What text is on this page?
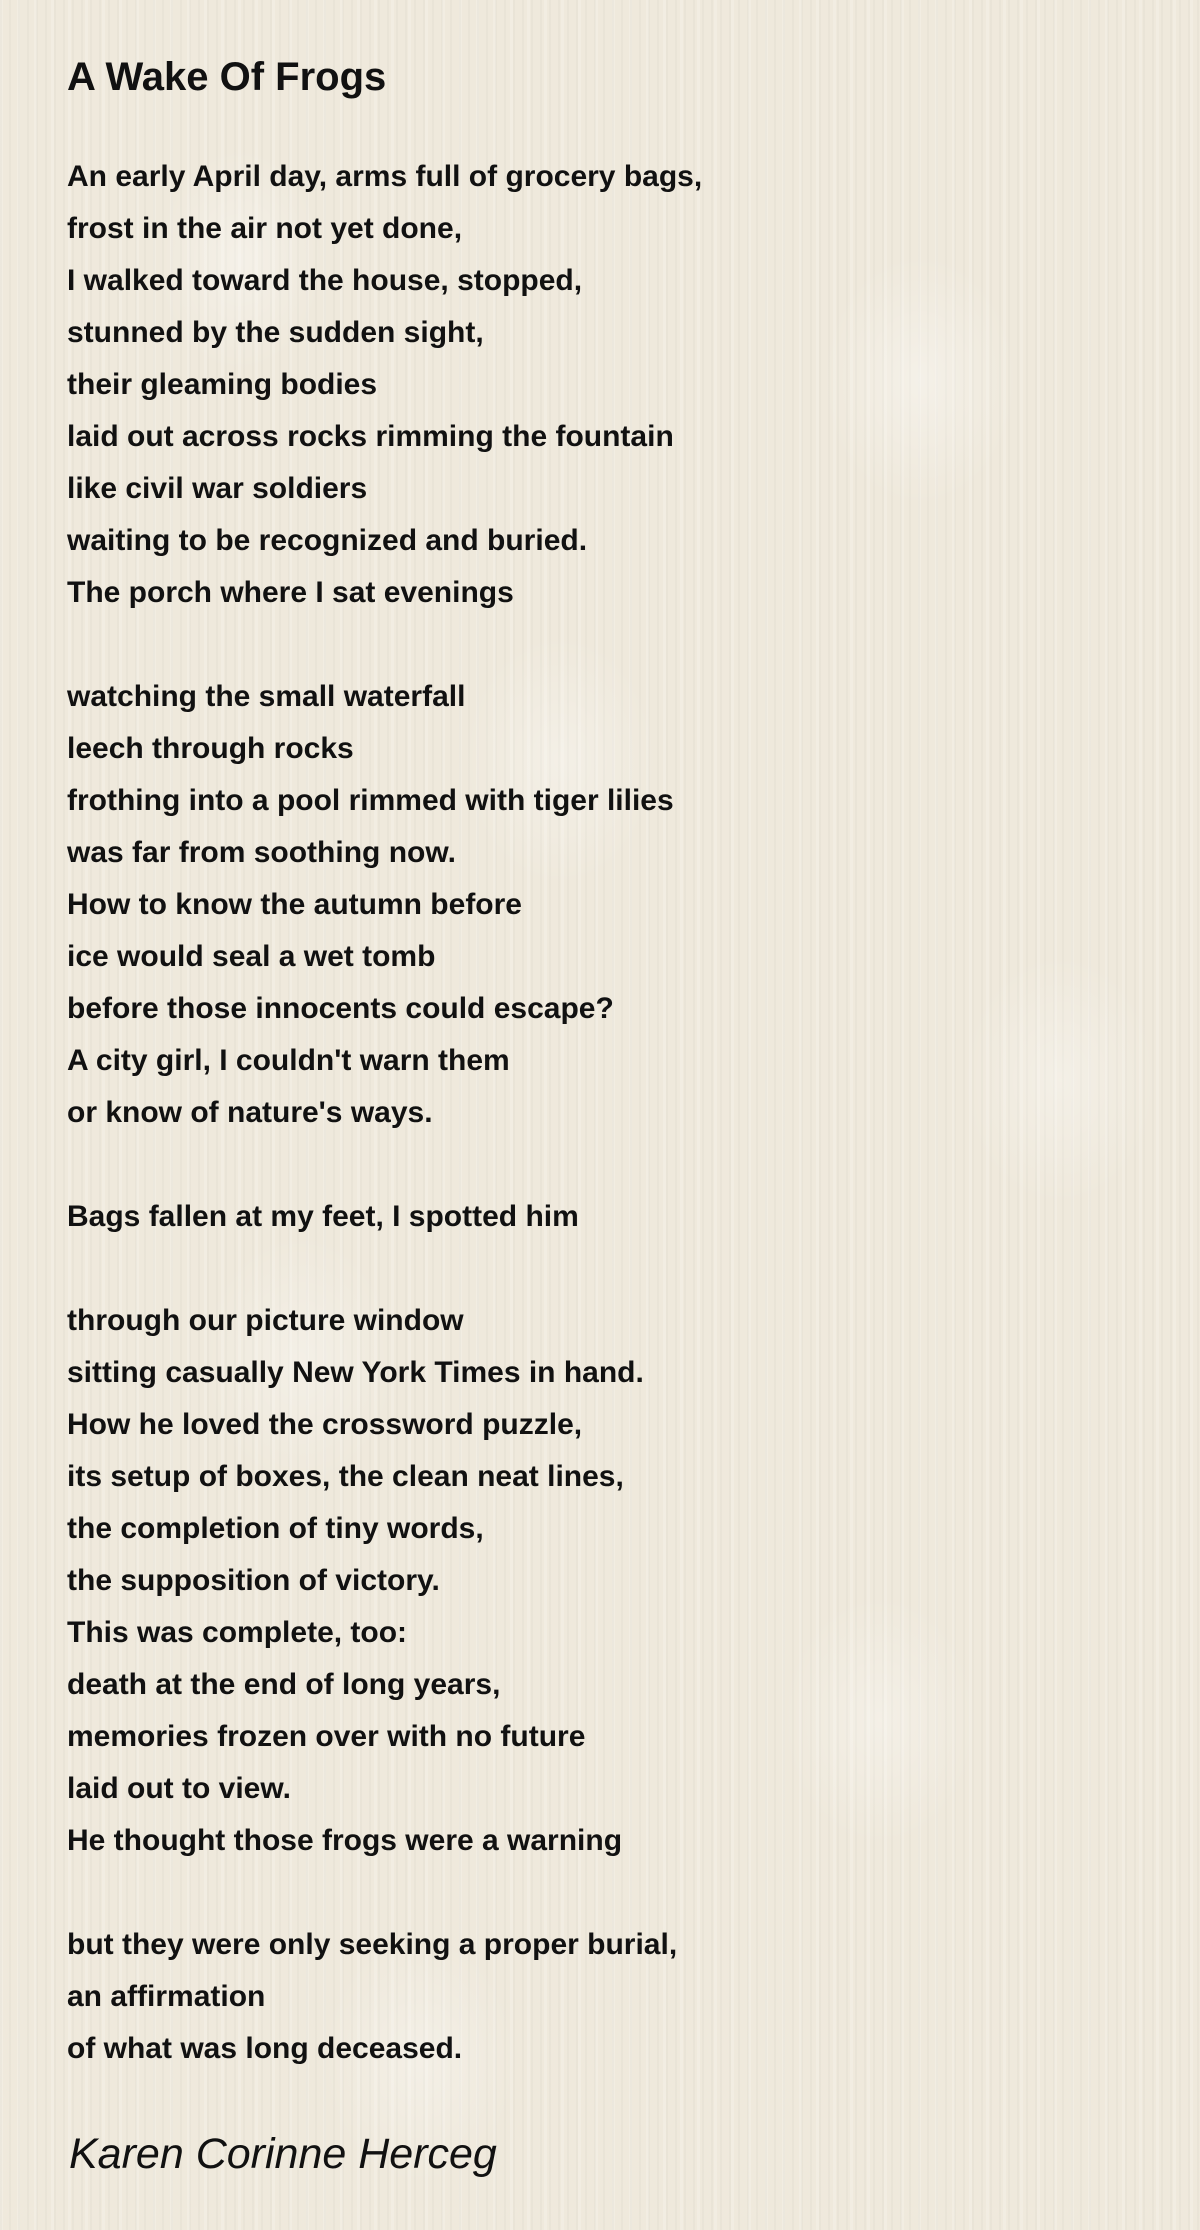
A Wake Of Frogs
An early April day, arms full of grocery bags,
frost in the air not yet done,
I walked toward the house, stopped,
stunned by the sudden sight,
their gleaming bodies
laid out across rocks rimming the fountain
like civil war soldiers
waiting to be recognized and buried.
The porch where I sat evenings
watching the small waterfall
leech through rocks
frothing into a pool rimmed with tiger lilies
was far from soothing now.
How to know the autumn before
ice would seal a wet tomb
before those innocents could escape?
A city girl, I couldn't warn them
or know of nature's ways.
Bags fallen at my feet, I spotted him
through our picture window
sitting casually New York Times in hand.
How he loved the crossword puzzle,
its setup of boxes, the clean neat lines,
the completion of tiny words,
the supposition of victory.
This was complete, too:
death at the end of long years,
memories frozen over with no future
laid out to view.
He thought those frogs were a warning
but they were only seeking a proper burial,
an affirmation
of what was long deceased.
Karen Corinne Herceg
